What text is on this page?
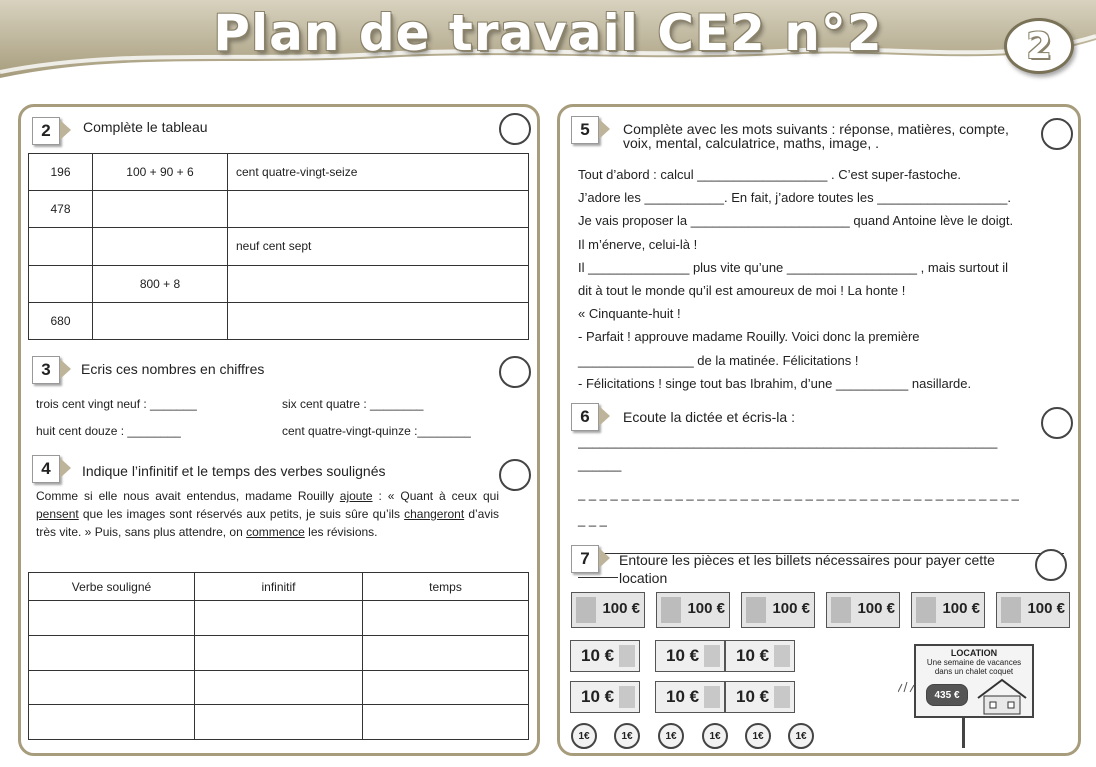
Plan de travail CE2 n°2	2
2	Complète le tableau
196	100 + 90 + 6	cent quatre-vingt-seize
478		
		neuf cent sept
	800 + 8	
680		
3	Ecris ces nombres en chiffres
trois cent vingt neuf : _______	six cent quatre : ________
huit cent douze : ________	cent quatre-vingt-quinze :________
4	Indique l’infinitif et le temps des verbes soulignés
Comme si elle nous avait entendus, madame Rouilly ajoute : « Quant à ceux qui pensent que les images sont réservés aux petits, je suis sûre qu’ils changeront d’avis très vite. » Puis, sans plus attendre, on commence les révisions.
Verbe souligné	infinitif	temps

5	Complète avec les mots suivants : réponse, matières, compte, voix, mental, calculatrice, maths, image, .

Tout d’abord : calcul __________________ . C’est super-fastoche.

J’adore les ___________. En fait, j’adore toutes les __________________.

Je vais proposer la ______________________ quand Antoine lève le doigt.

Il m’énerve, celui-là !

Il ______________ plus vite qu’une __________________ , mais surtout il

dit à tout le monde qu’il est amoureux de moi ! La honte !

« Cinquante-huit !

- Parfait ! approuve madame Rouilly. Voici donc la première

________________ de la matinée. Félicitations !

- Félicitations ! singe tout bas Ibrahim, d’une __________ nasillarde.

6	Ecoute la dictée et écris-la :
__________________________________________________________
______
_ _ _ _ _ _ _ _ _ _ _ _ _ _ _ _ _ _ _ _ _ _ _ _ _ _ _ _ _ _ _ _ _ _ _ _ _ _ _ _ _
_ _ _
7	Entoure les pièces et les billets nécessaires pour payer cette location
100 €	100 €	100 €	100 €	100 €	100 €
10 €	10 € 10 €
10 €	10 € 10 €
1€	1€	1€	1€	1€	1€
LOCATION
Une semaine de vacances
dans un chalet coquet
435 €
